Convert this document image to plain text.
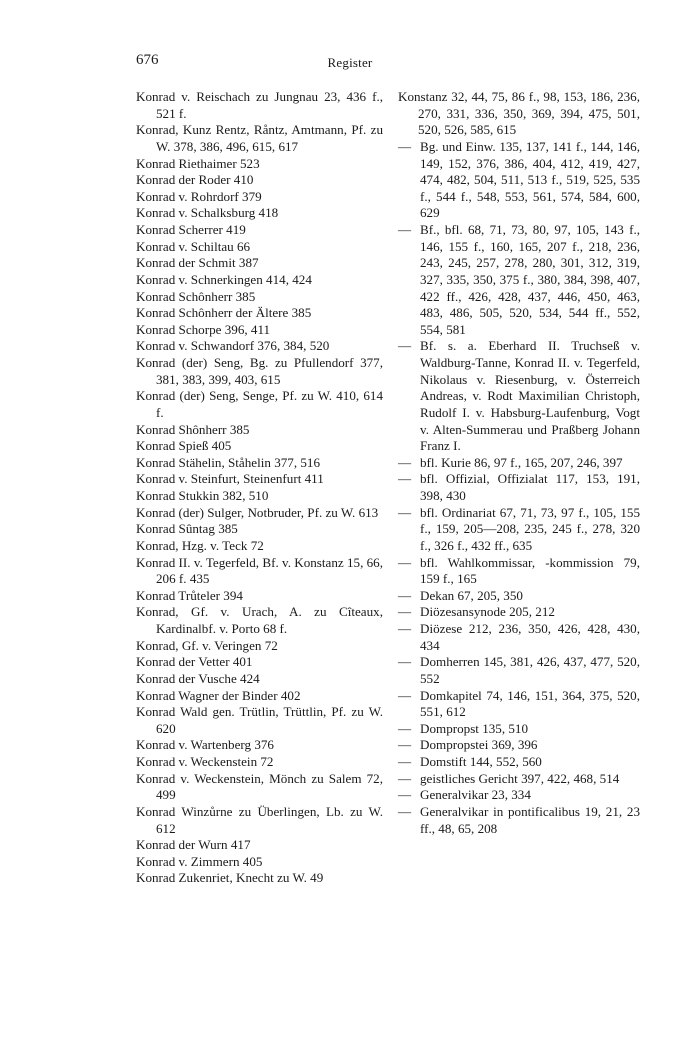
676	Register
Konrad v. Reischach zu Jungnau 23, 436 f., 521 f.
Konrad, Kunz Rentz, Råntz, Amtmann, Pf. zu W. 378, 386, 496, 615, 617
Konrad Riethaimer 523
Konrad der Roder 410
Konrad v. Rohrdorf 379
Konrad v. Schalksburg 418
Konrad Scherrer 419
Konrad v. Schiltau 66
Konrad der Schmit 387
Konrad v. Schnerkingen 414, 424
Konrad Schônherr 385
Konrad Schônherr der Ältere 385
Konrad Schorpe 396, 411
Konrad v. Schwandorf 376, 384, 520
Konrad (der) Seng, Bg. zu Pfullendorf 377, 381, 383, 399, 403, 615
Konrad (der) Seng, Senge, Pf. zu W. 410, 614 f.
Konrad Shônherr 385
Konrad Spieß 405
Konrad Stähelin, Ståhelin 377, 516
Konrad v. Steinfurt, Steinenfurt 411
Konrad Stukkin 382, 510
Konrad (der) Sulger, Notbruder, Pf. zu W. 613
Konrad Sûntag 385
Konrad, Hzg. v. Teck 72
Konrad II. v. Tegerfeld, Bf. v. Konstanz 15, 66, 206 f. 435
Konrad Trůteler 394
Konrad, Gf. v. Urach, A. zu Cîteaux, Kardinalbf. v. Porto 68 f.
Konrad, Gf. v. Veringen 72
Konrad der Vetter 401
Konrad der Vusche 424
Konrad Wagner der Binder 402
Konrad Wald gen. Trütlin, Trüttlin, Pf. zu W. 620
Konrad v. Wartenberg 376
Konrad v. Weckenstein 72
Konrad v. Weckenstein, Mönch zu Salem 72, 499
Konrad Winzůrne zu Überlingen, Lb. zu W. 612
Konrad der Wurn 417
Konrad v. Zimmern 405
Konrad Zukenriet, Knecht zu W. 49
Konstanz 32, 44, 75, 86 f., 98, 153, 186, 236, 270, 331, 336, 350, 369, 394, 475, 501, 520, 526, 585, 615
— Bg. und Einw. 135, 137, 141 f., 144, 146, 149, 152, 376, 386, 404, 412, 419, 427, 474, 482, 504, 511, 513 f., 519, 525, 535 f., 544 f., 548, 553, 561, 574, 584, 600, 629
— Bf., bfl. 68, 71, 73, 80, 97, 105, 143 f., 146, 155 f., 160, 165, 207 f., 218, 236, 243, 245, 257, 278, 280, 301, 312, 319, 327, 335, 350, 375 f., 380, 384, 398, 407, 422 ff., 426, 428, 437, 446, 450, 463, 483, 486, 505, 520, 534, 544 ff., 552, 554, 581
— Bf. s. a. Eberhard II. Truchseß v. Waldburg-Tanne, Konrad II. v. Tegerfeld, Nikolaus v. Riesenburg, v. Österreich Andreas, v. Rodt Maximilian Christoph, Rudolf I. v. Habsburg-Laufenburg, Vogt v. Alten-Summerau und Praßberg Johann Franz I.
— bfl. Kurie 86, 97 f., 165, 207, 246, 397
— bfl. Offizial, Offizialat 117, 153, 191, 398, 430
— bfl. Ordinariat 67, 71, 73, 97 f., 105, 155 f., 159, 205—208, 235, 245 f., 278, 320 f., 326 f., 432 ff., 635
— bfl. Wahlkommissar, -kommission 79, 159 f., 165
— Dekan 67, 205, 350
— Diözesansynode 205, 212
— Diözese 212, 236, 350, 426, 428, 430, 434
— Domherren 145, 381, 426, 437, 477, 520, 552
— Domkapitel 74, 146, 151, 364, 375, 520, 551, 612
— Dompropst 135, 510
— Dompropstei 369, 396
— Domstift 144, 552, 560
— geistliches Gericht 397, 422, 468, 514
— Generalvikar 23, 334
— Generalvikar in pontificalibus 19, 21, 23 ff., 48, 65, 208
